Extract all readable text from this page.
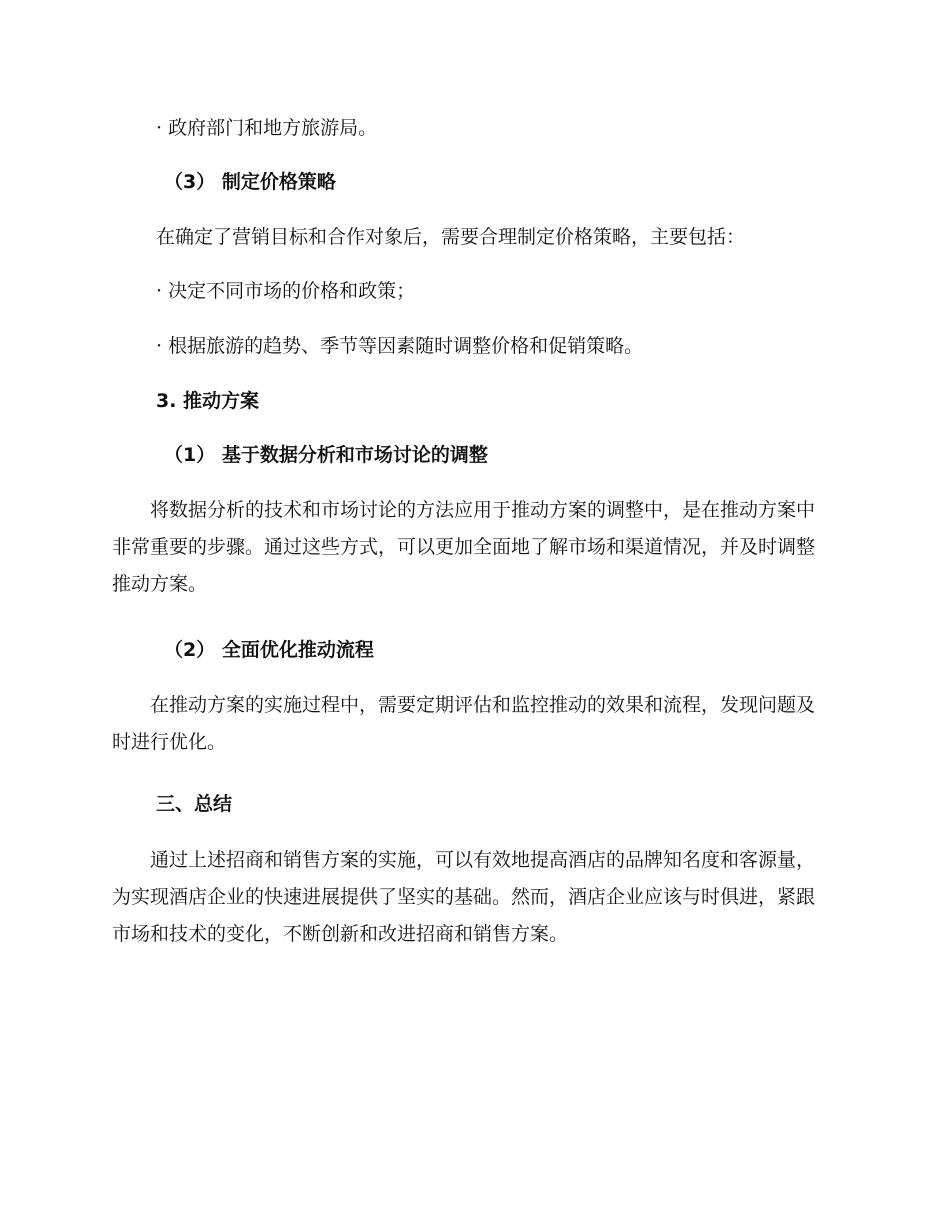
· 政府部门和地方旅游局。

（3） 制定价格策略

在确定了营销目标和合作对象后，需要合理制定价格策略，主要包括：

· 决定不同市场的价格和政策；

· 根据旅游的趋势、季节等因素随时调整价格和促销策略。

3. 推动方案

（1） 基于数据分析和市场讨论的调整

将数据分析的技术和市场讨论的方法应用于推动方案的调整中，是在推动方案中非常重要的步骤。通过这些方式，可以更加全面地了解市场和渠道情况，并及时调整推动方案。

（2） 全面优化推动流程

在推动方案的实施过程中，需要定期评估和监控推动的效果和流程，发现问题及时进行优化。

三、总结

通过上述招商和销售方案的实施，可以有效地提高酒店的品牌知名度和客源量，为实现酒店企业的快速进展提供了坚实的基础。然而，酒店企业应该与时俱进，紧跟市场和技术的变化，不断创新和改进招商和销售方案。
